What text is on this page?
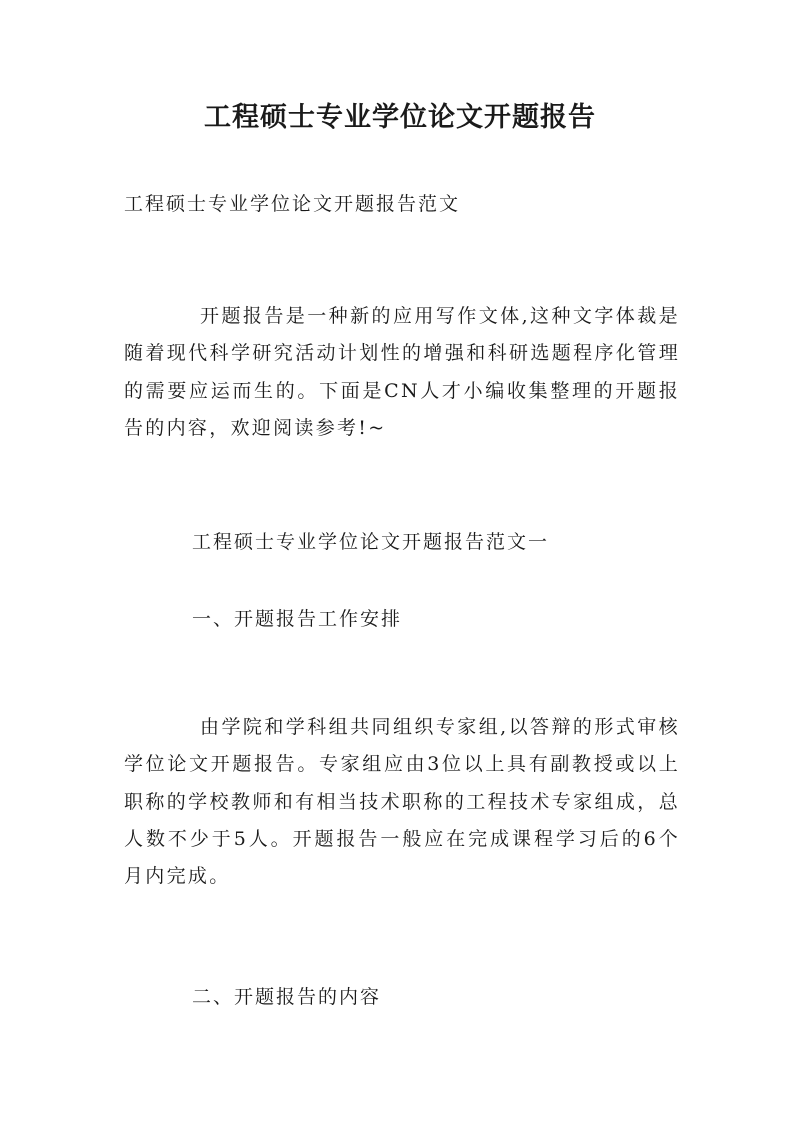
工程硕士专业学位论文开题报告
工程硕士专业学位论文开题报告范文
开题报告是一种新的应用写作文体,这种文字体裁是随着现代科学研究活动计划性的增强和科研选题程序化管理的需要应运而生的。下面是CN人才小编收集整理的开题报告的内容，欢迎阅读参考!~
工程硕士专业学位论文开题报告范文一
一、开题报告工作安排
由学院和学科组共同组织专家组,以答辩的形式审核学位论文开题报告。专家组应由3位以上具有副教授或以上职称的学校教师和有相当技术职称的工程技术专家组成，总人数不少于5人。开题报告一般应在完成课程学习后的6个月内完成。
二、开题报告的内容
